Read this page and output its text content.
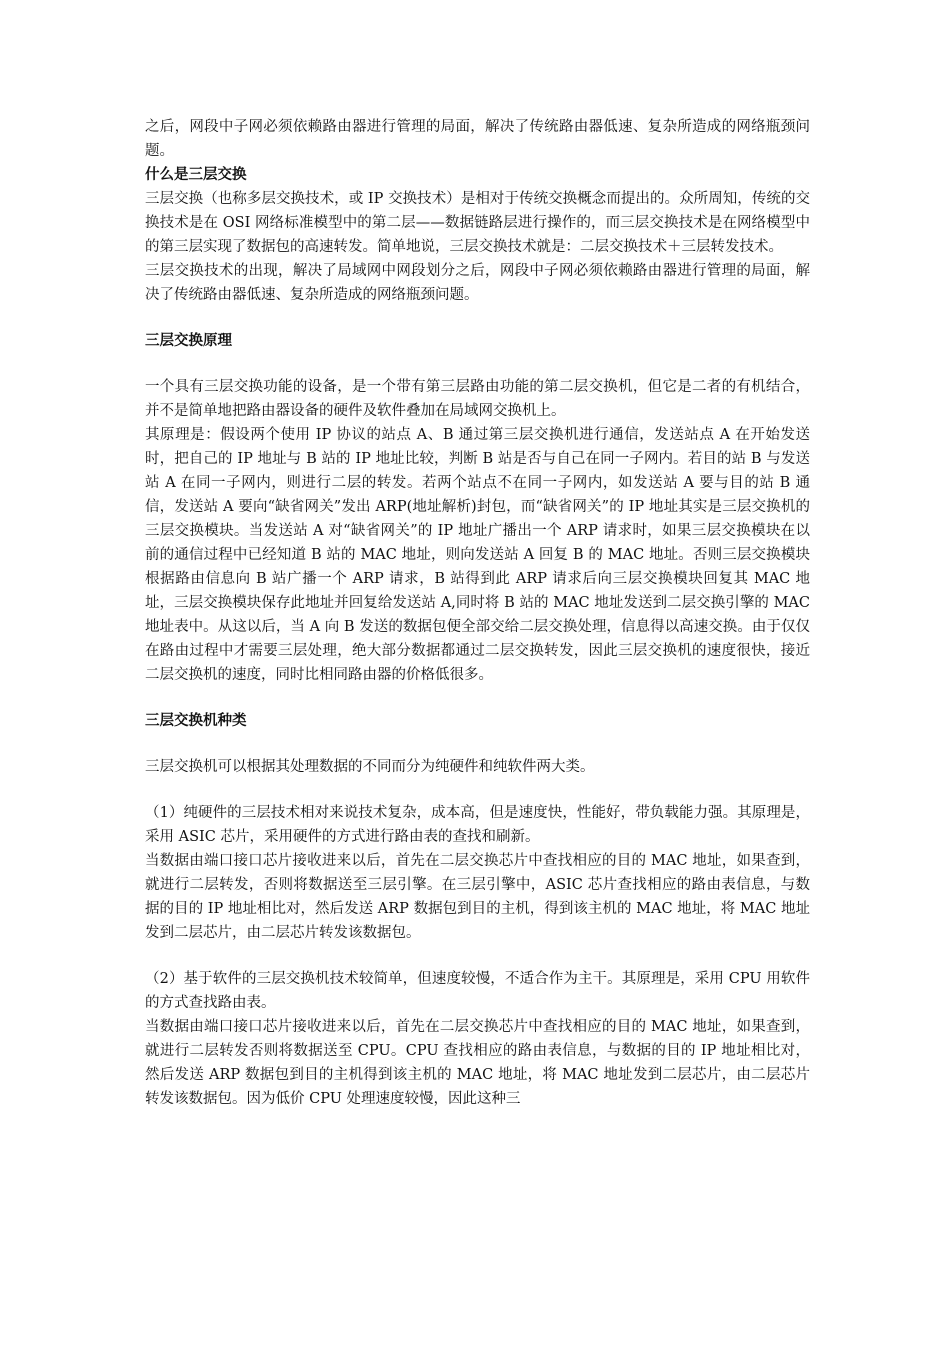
之后，网段中子网必须依赖路由器进行管理的局面，解决了传统路由器低速、复杂所造成的网络瓶颈问题。

什么是三层交换

三层交换（也称多层交换技术，或 IP 交换技术）是相对于传统交换概念而提出的。众所周知，传统的交换技术是在 OSI 网络标准模型中的第二层——数据链路层进行操作的，而三层交换技术是在网络模型中的第三层实现了数据包的高速转发。简单地说，三层交换技术就是：二层交换技术＋三层转发技术。

三层交换技术的出现，解决了局域网中网段划分之后，网段中子网必须依赖路由器进行管理的局面，解决了传统路由器低速、复杂所造成的网络瓶颈问题。

三层交换原理

一个具有三层交换功能的设备，是一个带有第三层路由功能的第二层交换机，但它是二者的有机结合，并不是简单地把路由器设备的硬件及软件叠加在局域网交换机上。

其原理是：假设两个使用 IP 协议的站点 A、B 通过第三层交换机进行通信，发送站点 A 在开始发送时，把自己的 IP 地址与 B 站的 IP 地址比较，判断 B 站是否与自己在同一子网内。若目的站 B 与发送站 A 在同一子网内，则进行二层的转发。若两个站点不在同一子网内，如发送站 A 要与目的站 B 通信，发送站 A 要向“缺省网关”发出 ARP(地址解析)封包，而“缺省网关”的 IP 地址其实是三层交换机的三层交换模块。当发送站 A 对“缺省网关”的 IP 地址广播出一个 ARP 请求时，如果三层交换模块在以前的通信过程中已经知道 B 站的 MAC 地址，则向发送站 A 回复 B 的 MAC 地址。否则三层交换模块根据路由信息向 B 站广播一个 ARP 请求，B 站得到此 ARP 请求后向三层交换模块回复其 MAC 地址，三层交换模块保存此地址并回复给发送站 A,同时将 B 站的 MAC 地址发送到二层交换引擎的 MAC 地址表中。从这以后，当 A 向 B 发送的数据包便全部交给二层交换处理，信息得以高速交换。由于仅仅在路由过程中才需要三层处理，绝大部分数据都通过二层交换转发，因此三层交换机的速度很快，接近二层交换机的速度，同时比相同路由器的价格低很多。

三层交换机种类

三层交换机可以根据其处理数据的不同而分为纯硬件和纯软件两大类。

（1）纯硬件的三层技术相对来说技术复杂，成本高，但是速度快，性能好，带负载能力强。其原理是，采用 ASIC 芯片，采用硬件的方式进行路由表的查找和刷新。

当数据由端口接口芯片接收进来以后，首先在二层交换芯片中查找相应的目的 MAC 地址，如果查到，就进行二层转发，否则将数据送至三层引擎。在三层引擎中，ASIC 芯片查找相应的路由表信息，与数据的目的 IP 地址相比对，然后发送 ARP 数据包到目的主机，得到该主机的 MAC 地址，将 MAC 地址发到二层芯片，由二层芯片转发该数据包。

（2）基于软件的三层交换机技术较简单，但速度较慢，不适合作为主干。其原理是，采用 CPU 用软件的方式查找路由表。

当数据由端口接口芯片接收进来以后，首先在二层交换芯片中查找相应的目的 MAC 地址，如果查到，就进行二层转发否则将数据送至 CPU。CPU 查找相应的路由表信息，与数据的目的 IP 地址相比对，然后发送 ARP 数据包到目的主机得到该主机的 MAC 地址，将 MAC 地址发到二层芯片，由二层芯片转发该数据包。因为低价 CPU 处理速度较慢，因此这种三
